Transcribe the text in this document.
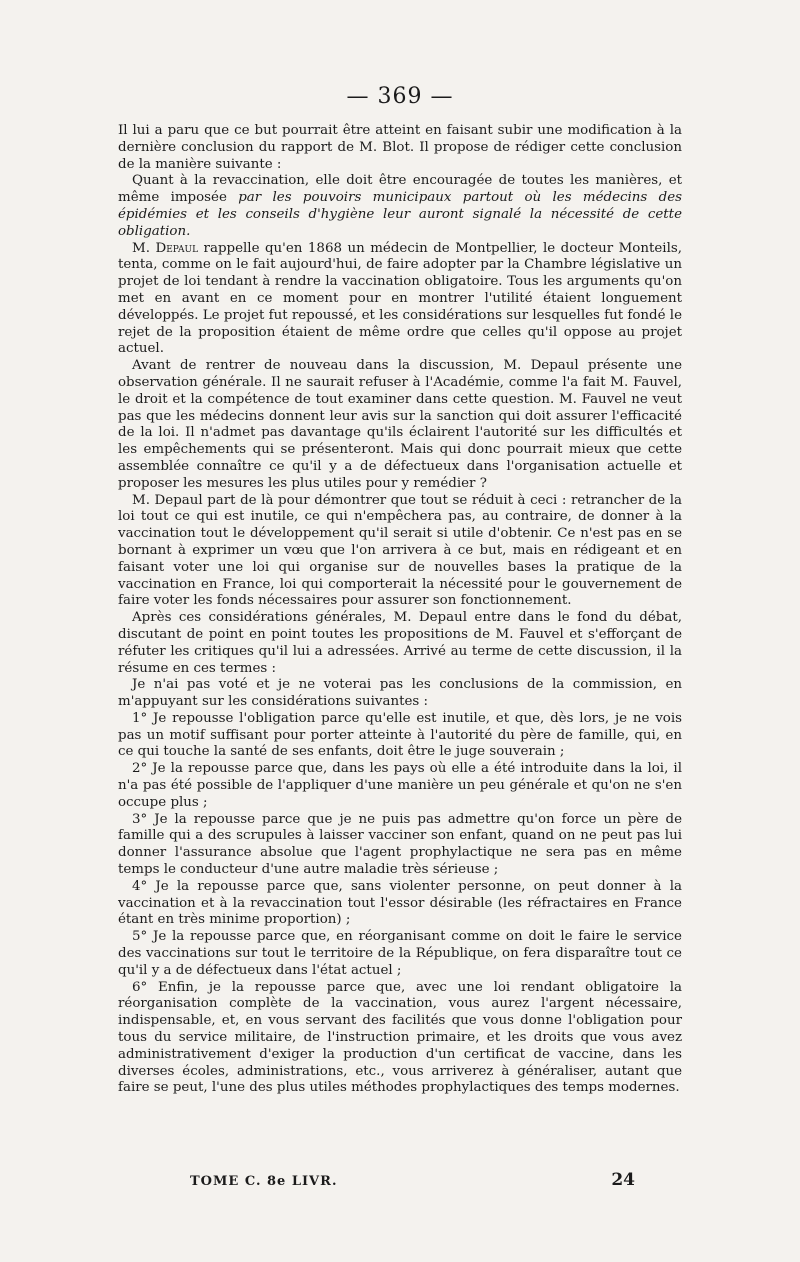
— 369 —

Il lui a paru que ce but pourrait être atteint en faisant subir une modification à la dernière conclusion du rapport de M. Blot. Il propose de rédiger cette conclusion de la manière suivante :

Quant à la revaccination, elle doit être encouragée de toutes les manières, et même imposée par les pouvoirs municipaux partout où les médecins des épidémies et les conseils d'hygiène leur auront signalé la nécessité de cette obligation.

M. Depaul rappelle qu'en 1868 un médecin de Montpellier, le docteur Monteils, tenta, comme on le fait aujourd'hui, de faire adopter par la Chambre législative un projet de loi tendant à rendre la vaccination obligatoire. Tous les arguments qu'on met en avant en ce moment pour en montrer l'utilité étaient longuement développés. Le projet fut repoussé, et les considérations sur lesquelles fut fondé le rejet de la proposition étaient de même ordre que celles qu'il oppose au projet actuel.

Avant de rentrer de nouveau dans la discussion, M. Depaul présente une observation générale. Il ne saurait refuser à l'Académie, comme l'a fait M. Fauvel, le droit et la compétence de tout examiner dans cette question. M. Fauvel ne veut pas que les médecins donnent leur avis sur la sanction qui doit assurer l'efficacité de la loi. Il n'admet pas davantage qu'ils éclairent l'autorité sur les difficultés et les empêchements qui se présenteront. Mais qui donc pourrait mieux que cette assemblée connaître ce qu'il y a de défectueux dans l'organisation actuelle et proposer les mesures les plus utiles pour y remédier ?

M. Depaul part de là pour démontrer que tout se réduit à ceci : retrancher de la loi tout ce qui est inutile, ce qui n'empêchera pas, au contraire, de donner à la vaccination tout le développement qu'il serait si utile d'obtenir. Ce n'est pas en se bornant à exprimer un vœu que l'on arrivera à ce but, mais en rédigeant et en faisant voter une loi qui organise sur de nouvelles bases la pratique de la vaccination en France, loi qui comporterait la nécessité pour le gouvernement de faire voter les fonds nécessaires pour assurer son fonctionnement.

Après ces considérations générales, M. Depaul entre dans le fond du débat, discutant de point en point toutes les propositions de M. Fauvel et s'efforçant de réfuter les critiques qu'il lui a adressées. Arrivé au terme de cette discussion, il la résume en ces termes :

Je n'ai pas voté et je ne voterai pas les conclusions de la commission, en m'appuyant sur les considérations suivantes :

1° Je repousse l'obligation parce qu'elle est inutile, et que, dès lors, je ne vois pas un motif suffisant pour porter atteinte à l'autorité du père de famille, qui, en ce qui touche la santé de ses enfants, doit être le juge souverain ;

2° Je la repousse parce que, dans les pays où elle a été introduite dans la loi, il n'a pas été possible de l'appliquer d'une manière un peu générale et qu'on ne s'en occupe plus ;

3° Je la repousse parce que je ne puis pas admettre qu'on force un père de famille qui a des scrupules à laisser vacciner son enfant, quand on ne peut pas lui donner l'assurance absolue que l'agent prophylactique ne sera pas en même temps le conducteur d'une autre maladie très sérieuse ;

4° Je la repousse parce que, sans violenter personne, on peut donner à la vaccination et à la revaccination tout l'essor désirable (les réfractaires en France étant en très minime proportion) ;

5° Je la repousse parce que, en réorganisant comme on doit le faire le service des vaccinations sur tout le territoire de la République, on fera disparaître tout ce qu'il y a de défectueux dans l'état actuel ;

6° Enfin, je la repousse parce que, avec une loi rendant obligatoire la réorganisation complète de la vaccination, vous aurez l'argent nécessaire, indispensable, et, en vous servant des facilités que vous donne l'obligation pour tous du service militaire, de l'instruction primaire, et les droits que vous avez administrativement d'exiger la production d'un certificat de vaccine, dans les diverses écoles, administrations, etc., vous arriverez à généraliser, autant que faire se peut, l'une des plus utiles méthodes prophylactiques des temps modernes.

TOME C. 8e LIVR.	24
